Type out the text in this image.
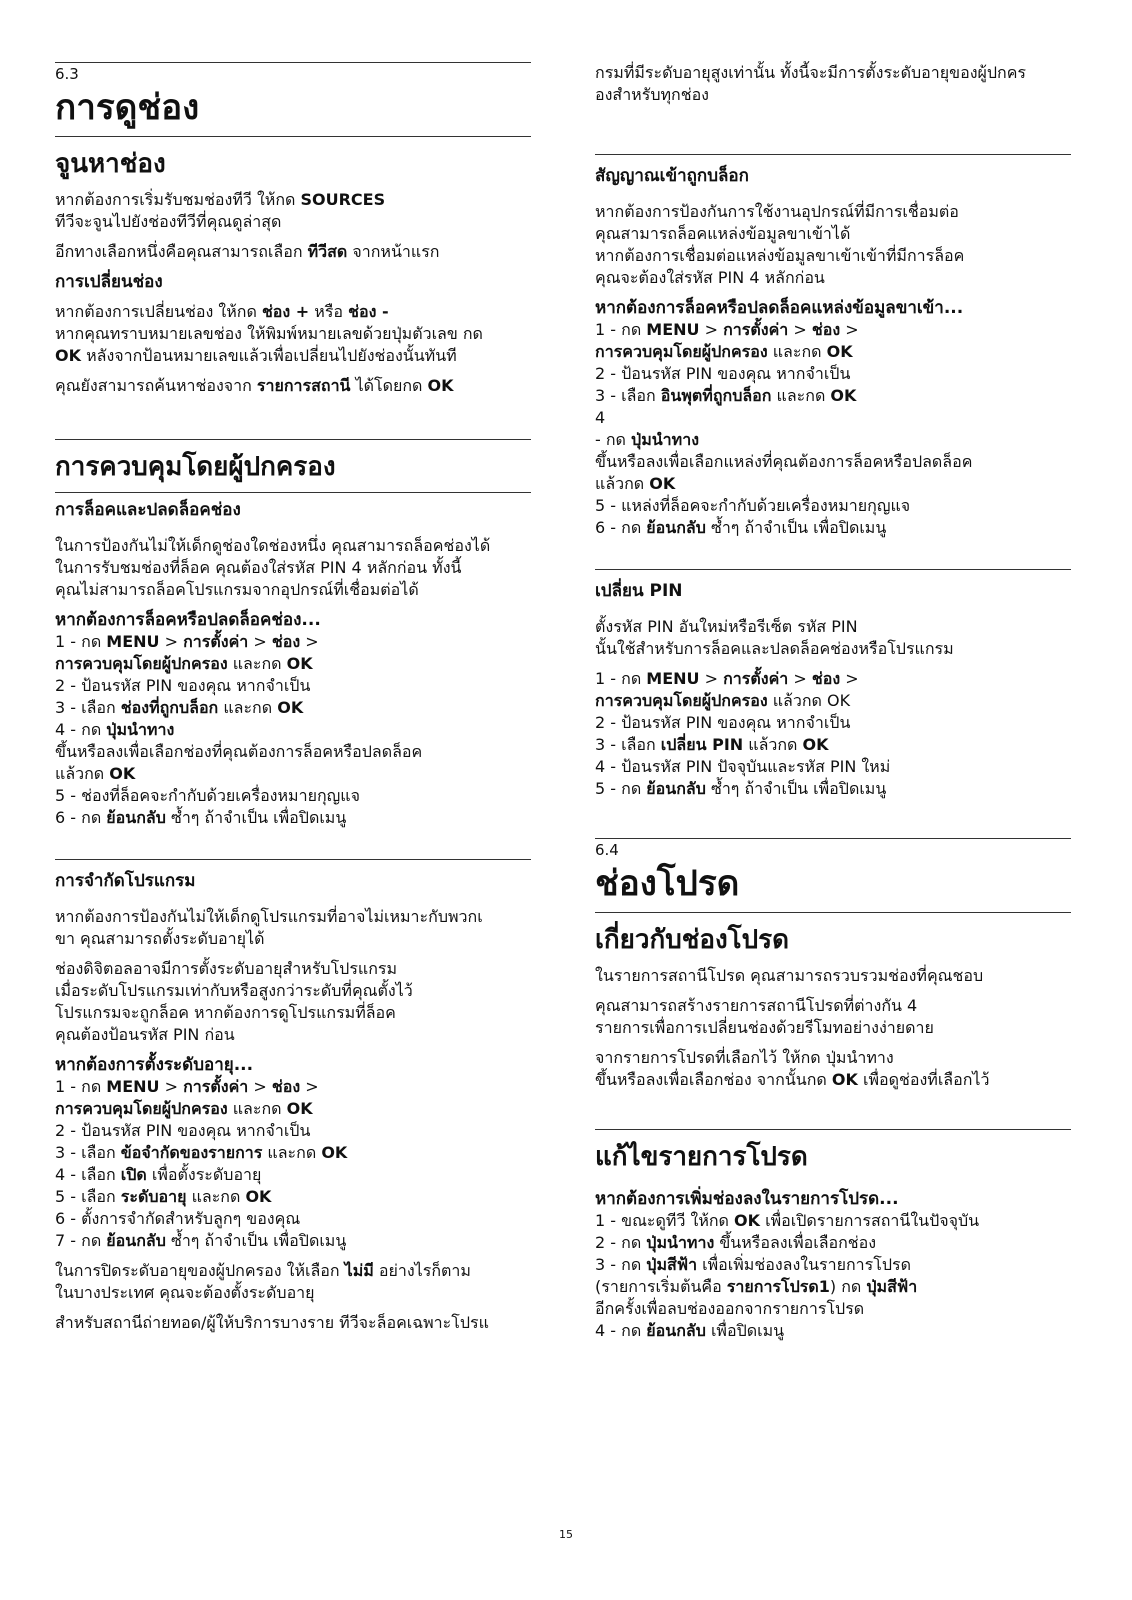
6.3
การดูช่อง
จูนหาช่อง
หากต้องการเริ่มรับชมช่องทีวี ให้กด SOURCES
ทีวีจะจูนไปยังช่องทีวีที่คุณดูล่าสุด
อีกทางเลือกหนึ่งคือคุณสามารถเลือก ทีวีสด จากหน้าแรก
การเปลี่ยนช่อง
หากต้องการเปลี่ยนช่อง ให้กด ช่อง + หรือ ช่อง -
หากคุณทราบหมายเลขช่อง ให้พิมพ์หมายเลขด้วยปุ่มตัวเลข กด
OK หลังจากป้อนหมายเลขแล้วเพื่อเปลี่ยนไปยังช่องนั้นทันที
คุณยังสามารถค้นหาช่องจาก รายการสถานี ได้โดยกด OK
การควบคุมโดยผู้ปกครอง
การล็อคและปลดล็อคช่อง
ในการป้องกันไม่ให้เด็กดูช่องใดช่องหนึ่ง คุณสามารถล็อคช่องได้
ในการรับชมช่องที่ล็อค คุณต้องใส่รหัส PIN 4 หลักก่อน ทั้งนี้
คุณไม่สามารถล็อคโปรแกรมจากอุปกรณ์ที่เชื่อมต่อได้
หากต้องการล็อคหรือปลดล็อคช่อง...
1 - กด MENU > การตั้งค่า > ช่อง >
การควบคุมโดยผู้ปกครอง และกด OK
2 - ป้อนรหัส PIN ของคุณ หากจำเป็น
3 - เลือก ช่องที่ถูกบล็อก และกด OK
4 - กด ปุ่มนำทาง
ขึ้นหรือลงเพื่อเลือกช่องที่คุณต้องการล็อคหรือปลดล็อค
แล้วกด OK
5 - ช่องที่ล็อคจะกำกับด้วยเครื่องหมายกุญแจ
6 - กด ย้อนกลับ ซ้ำๆ ถ้าจำเป็น เพื่อปิดเมนู
การจำกัดโปรแกรม
หากต้องการป้องกันไม่ให้เด็กดูโปรแกรมที่อาจไม่เหมาะกับพวกเ
ขา คุณสามารถตั้งระดับอายุได้
ช่องดิจิตอลอาจมีการตั้งระดับอายุสำหรับโปรแกรม
เมื่อระดับโปรแกรมเท่ากับหรือสูงกว่าระดับที่คุณตั้งไว้
โปรแกรมจะถูกล็อค หากต้องการดูโปรแกรมที่ล็อค
คุณต้องป้อนรหัส PIN ก่อน
หากต้องการตั้งระดับอายุ...
1 - กด MENU > การตั้งค่า > ช่อง >
การควบคุมโดยผู้ปกครอง และกด OK
2 - ป้อนรหัส PIN ของคุณ หากจำเป็น
3 - เลือก ข้อจำกัดของรายการ และกด OK
4 - เลือก เปิด เพื่อตั้งระดับอายุ
5 - เลือก ระดับอายุ และกด OK
6 - ตั้งการจำกัดสำหรับลูกๆ ของคุณ
7 - กด ย้อนกลับ ซ้ำๆ ถ้าจำเป็น เพื่อปิดเมนู
ในการปิดระดับอายุของผู้ปกครอง ให้เลือก ไม่มี อย่างไรก็ตาม
ในบางประเทศ คุณจะต้องตั้งระดับอายุ
สำหรับสถานีถ่ายทอด/ผู้ให้บริการบางราย ทีวีจะล็อคเฉพาะโปรแ
กรมที่มีระดับอายุสูงเท่านั้น ทั้งนี้จะมีการตั้งระดับอายุของผู้ปกคร
องสำหรับทุกช่อง
สัญญาณเข้าถูกบล็อก
หากต้องการป้องกันการใช้งานอุปกรณ์ที่มีการเชื่อมต่อ
คุณสามารถล็อคแหล่งข้อมูลขาเข้าได้
หากต้องการเชื่อมต่อแหล่งข้อมูลขาเข้าเข้าที่มีการล็อค
คุณจะต้องใส่รหัส PIN 4 หลักก่อน
หากต้องการล็อคหรือปลดล็อคแหล่งข้อมูลขาเข้า...
1 - กด MENU > การตั้งค่า > ช่อง >
การควบคุมโดยผู้ปกครอง และกด OK
2 - ป้อนรหัส PIN ของคุณ หากจำเป็น
3 - เลือก อินพุตที่ถูกบล็อก และกด OK
4
- กด ปุ่มนำทาง
ขึ้นหรือลงเพื่อเลือกแหล่งที่คุณต้องการล็อคหรือปลดล็อค
แล้วกด OK
5 - แหล่งที่ล็อคจะกำกับด้วยเครื่องหมายกุญแจ
6 - กด ย้อนกลับ ซ้ำๆ ถ้าจำเป็น เพื่อปิดเมนู
เปลี่ยน PIN
ตั้งรหัส PIN อันใหม่หรือรีเซ็ต รหัส PIN
นั้นใช้สำหรับการล็อคและปลดล็อคช่องหรือโปรแกรม
1 - กด MENU > การตั้งค่า > ช่อง >
การควบคุมโดยผู้ปกครอง แล้วกด OK
2 - ป้อนรหัส PIN ของคุณ หากจำเป็น
3 - เลือก เปลี่ยน PIN แล้วกด OK
4 - ป้อนรหัส PIN ปัจจุบันและรหัส PIN ใหม่
5 - กด ย้อนกลับ ซ้ำๆ ถ้าจำเป็น เพื่อปิดเมนู
6.4
ช่องโปรด
เกี่ยวกับช่องโปรด
ในรายการสถานีโปรด คุณสามารถรวบรวมช่องที่คุณชอบ
คุณสามารถสร้างรายการสถานีโปรดที่ต่างกัน 4
รายการเพื่อการเปลี่ยนช่องด้วยรีโมทอย่างง่ายดาย
จากรายการโปรดที่เลือกไว้ ให้กด ปุ่มนำทาง
ขึ้นหรือลงเพื่อเลือกช่อง จากนั้นกด OK เพื่อดูช่องที่เลือกไว้
แก้ไขรายการโปรด
หากต้องการเพิ่มช่องลงในรายการโปรด...
1 - ขณะดูทีวี ให้กด OK เพื่อเปิดรายการสถานีในปัจจุบัน
2 - กด ปุ่มนำทาง ขึ้นหรือลงเพื่อเลือกช่อง
3 - กด ปุ่มสีฟ้า เพื่อเพิ่มช่องลงในรายการโปรด
(รายการเริ่มต้นคือ รายการโปรด1) กด ปุ่มสีฟ้า
อีกครั้งเพื่อลบช่องออกจากรายการโปรด
4 - กด ย้อนกลับ เพื่อปิดเมนู
15
